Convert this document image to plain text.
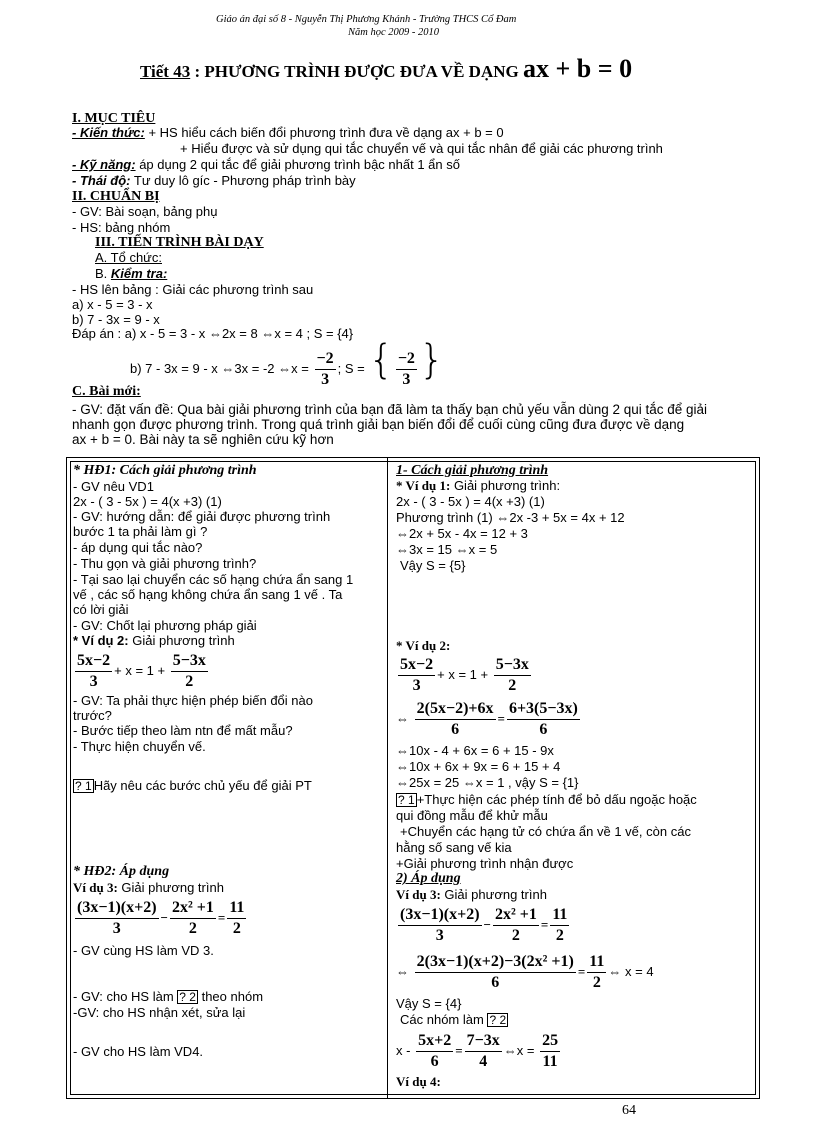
Giáo án đại số 8 - Nguyễn Thị Phương Khánh - Trường THCS Cổ Đam
Năm học 2009 - 2010
Tiết 43 : PHƯƠNG TRÌNH ĐƯỢC ĐƯA VỀ DẠNG ax + b = 0
I. MỤC TIÊU
- Kiến thức: + HS hiểu cách biến đổi phương trình đưa về dạng ax + b = 0
+ Hiểu được và sử dụng qui tắc chuyển vế và qui tắc nhân để giải các phương trình
- Kỹ năng: áp dụng 2 qui tắc để giải phương trình bậc nhất 1 ẩn số
- Thái độ: Tư duy lô gíc - Phương pháp trình bày
II. CHUẨN BỊ
- GV: Bài soạn, bảng phụ
- HS: bảng nhóm
III. TIẾN TRÌNH BÀI DẠY
A. Tổ chức:
B. Kiểm tra:
- HS lên bảng : Giải các phương trình sau
a) x - 5 = 3 - x
b) 7 - 3x = 9 - x
Đáp án : a) x - 5 = 3 - x ⇔2x = 8 ⇔x = 4 ; S = {4}
b) 7 - 3x = 9 - x ⇔3x = -2 ⇔x = $\frac{-2}{3}$ ; S = { $\frac{-2}{3}$ }
C. Bài mới:
- GV: đặt vấn đề: Qua bài giải phương trình của bạn đã làm ta thấy bạn chủ yếu vẫn dùng 2 qui tắc để giải
nhanh gọn được phương trình. Trong quá trình giải bạn biến đổi để cuối cùng cũng đưa được về dạng
ax + b = 0. Bài này ta sẽ nghiên cứu kỹ hơn
* HĐ1: Cách giải phương trình
- GV nêu VD1
2x - ( 3 - 5x ) = 4(x +3) (1)
- GV: hướng dẫn: để giải được phương trình
bước 1 ta phải làm gì ?
- áp dụng qui tắc nào?
- Thu gọn và giải phương trình?
- Tại sao lại chuyển các số hạng chứa ẩn sang 1
vế , các số hạng không chứa ẩn sang 1 vế . Ta
có lời giải
- GV: Chốt lại phương pháp giải
* Ví dụ 2: Giải phương trình
$\frac{5x-2}{3} + x = 1 + \frac{5-3x}{2}$
- GV: Ta phải thực hiện phép biến đổi nào
trước?
- Bước tiếp theo làm ntn để mất mẫu?
- Thực hiện chuyển vế.
? 1 Hãy nêu các bước chủ yếu để giải PT
* HĐ2: Áp dụng
Ví dụ 3: Giải phương trình
$\frac{(3x-1)(x+2)}{3} - \frac{\text{2x² +1}}{2} = \frac{11}{2}$
- GV cùng HS làm VD 3.
- GV: cho HS làm ? 2 theo nhóm
-GV: cho HS nhận xét, sửa lại
- GV cho HS làm VD4.
1- Cách giải phương trình
* Ví dụ 1: Giải phương trình:
2x - ( 3 - 5x ) = 4(x +3) (1)
Phương trình (1) ⇔2x -3 + 5x = 4x + 12
⇔2x + 5x - 4x = 12 + 3
⇔3x = 15 ⇔x = 5
Vậy S = {5}
* Ví dụ 2:
$\frac{5x-2}{3} + x = 1 + \frac{5-3x}{2}$
⇔ $\frac{2(5x-2)+6x}{6} = \frac{6+3(5-3x)}{6}$
⇔10x - 4 + 6x = 6 + 15 - 9x
⇔10x + 6x + 9x = 6 + 15 + 4
⇔25x = 25 ⇔x = 1 , vậy S = {1}
? 1 +Thực hiện các phép tính để bỏ dấu ngoặc hoặc
qui đồng mẫu để khử mẫu
+Chuyển các hạng tử có chứa ẩn về 1 vế, còn các
hằng số sang vế kia
+Giải phương trình nhận được
2) Áp dụng
Ví dụ 3: Giải phương trình
$\frac{(3x-1)(x+2)}{3} - \frac{\text{2x² +1}}{2} = \frac{11}{2}$
⇔ $\frac{\text{2(3x−1)(x+2)−3(2x² +1)}}{6} = \frac{11}{2}$ ⇔ x = 4
Vậy S = {4}
Các nhóm làm ? 2
$x - \frac{5x+2}{6} = \frac{7-3x}{4}$ ⇔x = $\frac{25}{11}$
Ví dụ 4:
64
